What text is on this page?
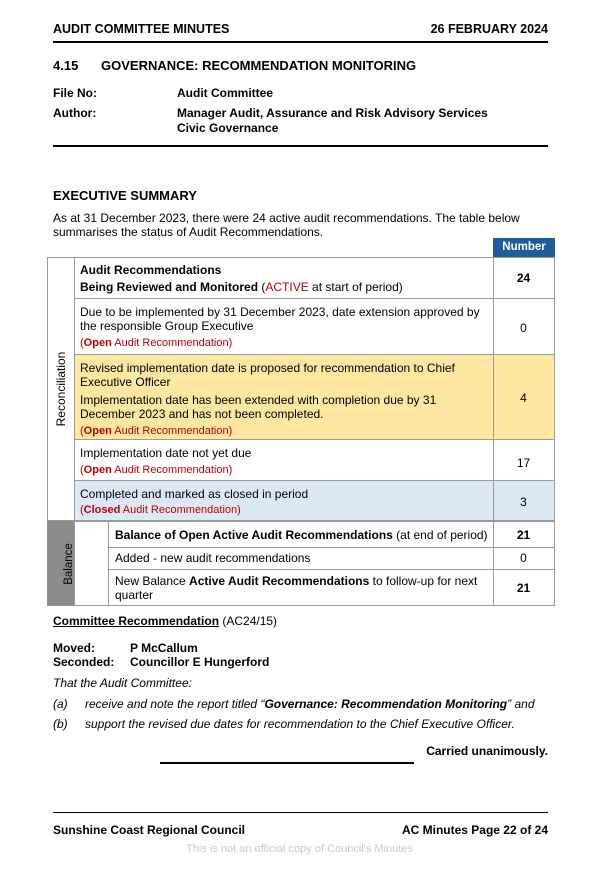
AUDIT COMMITTEE MINUTES	26 FEBRUARY 2024
4.15 GOVERNANCE: RECOMMENDATION MONITORING
File No:	Audit Committee
Author:	Manager Audit, Assurance and Risk Advisory Services
Civic Governance
EXECUTIVE SUMMARY
As at 31 December 2023, there were 24 active audit recommendations. The table below
summarises the status of Audit Recommendations.
Number
Reconciliation
Audit Recommendations
Being Reviewed and Monitored (ACTIVE at start of period)
24
Due to be implemented by 31 December 2023, date extension approved by
the responsible Group Executive
(Open Audit Recommendation)
0
Revised implementation date is proposed for recommendation to Chief
Executive Officer
Implementation date has been extended with completion due by 31
December 2023 and has not been completed.
(Open Audit Recommendation)
4
Implementation date not yet due
(Open Audit Recommendation)	17
Completed and marked as closed in period
(Closed Audit Recommendation)
3
Balance
Balance of Open Active Audit Recommendations (at end of period)	21
Added - new audit recommendations	0
New Balance Active Audit Recommendations to follow-up for next
quarter	21
Committee Recommendation (AC24/15)
Moved:	P McCallum
Seconded: Councillor E Hungerford
That the Audit Committee:
(a) receive and note the report titled “Governance: Recommendation Monitoring” and
(b) support the revised due dates for recommendation to the Chief Executive Officer.
Carried unanimously.
Sunshine Coast Regional Council	AC Minutes Page 22 of 24
This is not an official copy of Council's Minutes
